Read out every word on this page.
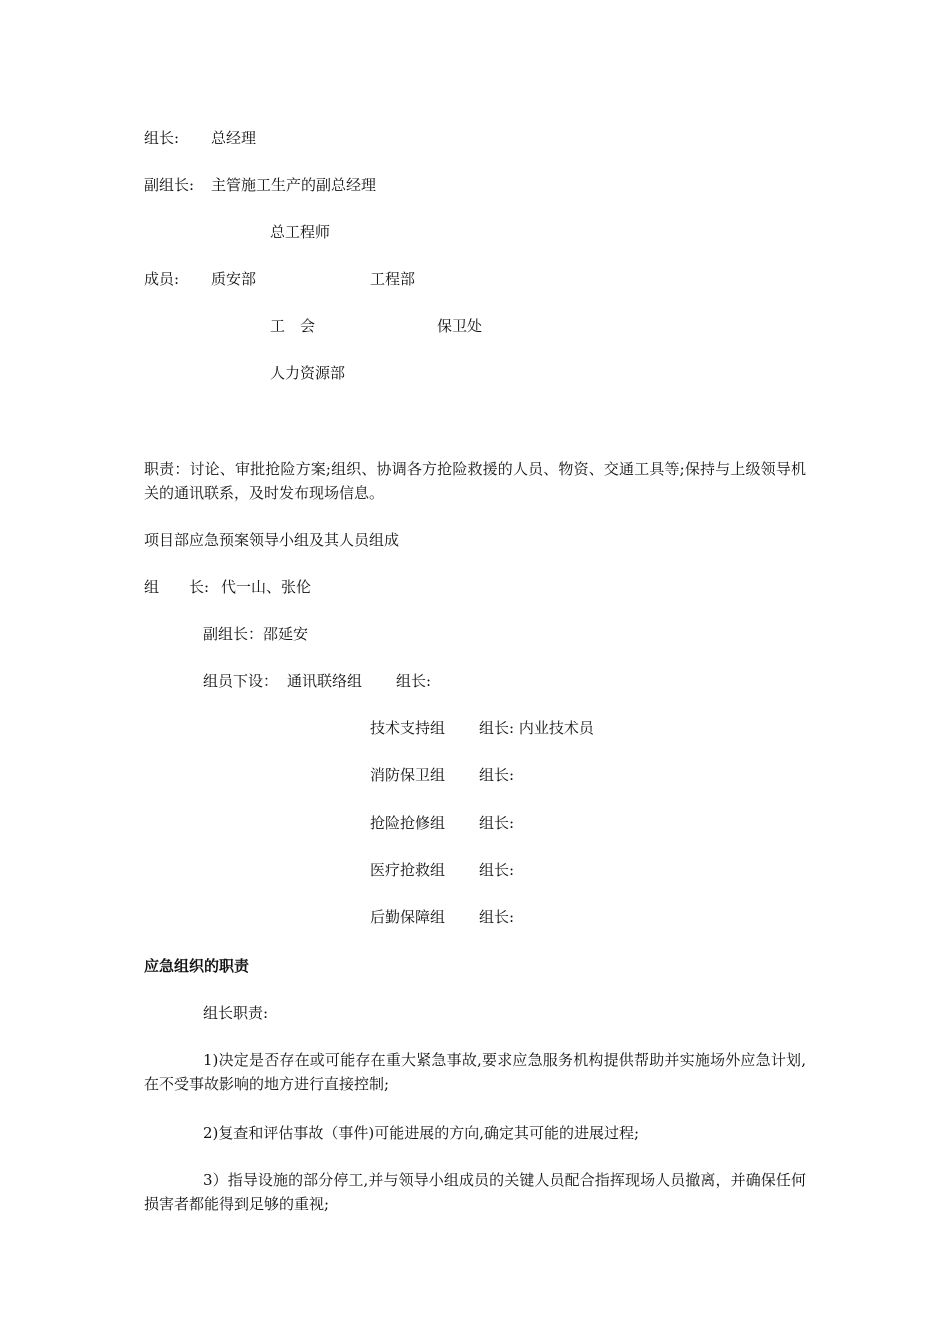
组长: 总经理
副组长: 主管施工生产的副总经理
总工程师
成员: 质安部	工程部
工　会	保卫处
人力资源部
职责：讨论、审批抢险方案;组织、协调各方抢险救援的人员、物资、交通工具等;保持与上级领导机关的通讯联系，及时发布现场信息。
项目部应急预案领导小组及其人员组成
组　　长: 代一山、张伦
副组长：邵延安
组员下设： 通讯联络组 组长:
技术支持组 组长: 内业技术员
消防保卫组 组长:
抢险抢修组 组长:
医疗抢救组 组长:
后勤保障组 组长:
应急组织的职责
组长职责:
1)决定是否存在或可能存在重大紧急事故,要求应急服务机构提供帮助并实施场外应急计划,在不受事故影响的地方进行直接控制;
2)复查和评估事故（事件)可能进展的方向,确定其可能的进展过程;
3）指导设施的部分停工,并与领导小组成员的关键人员配合指挥现场人员撤离，并确保任何损害者都能得到足够的重视;
